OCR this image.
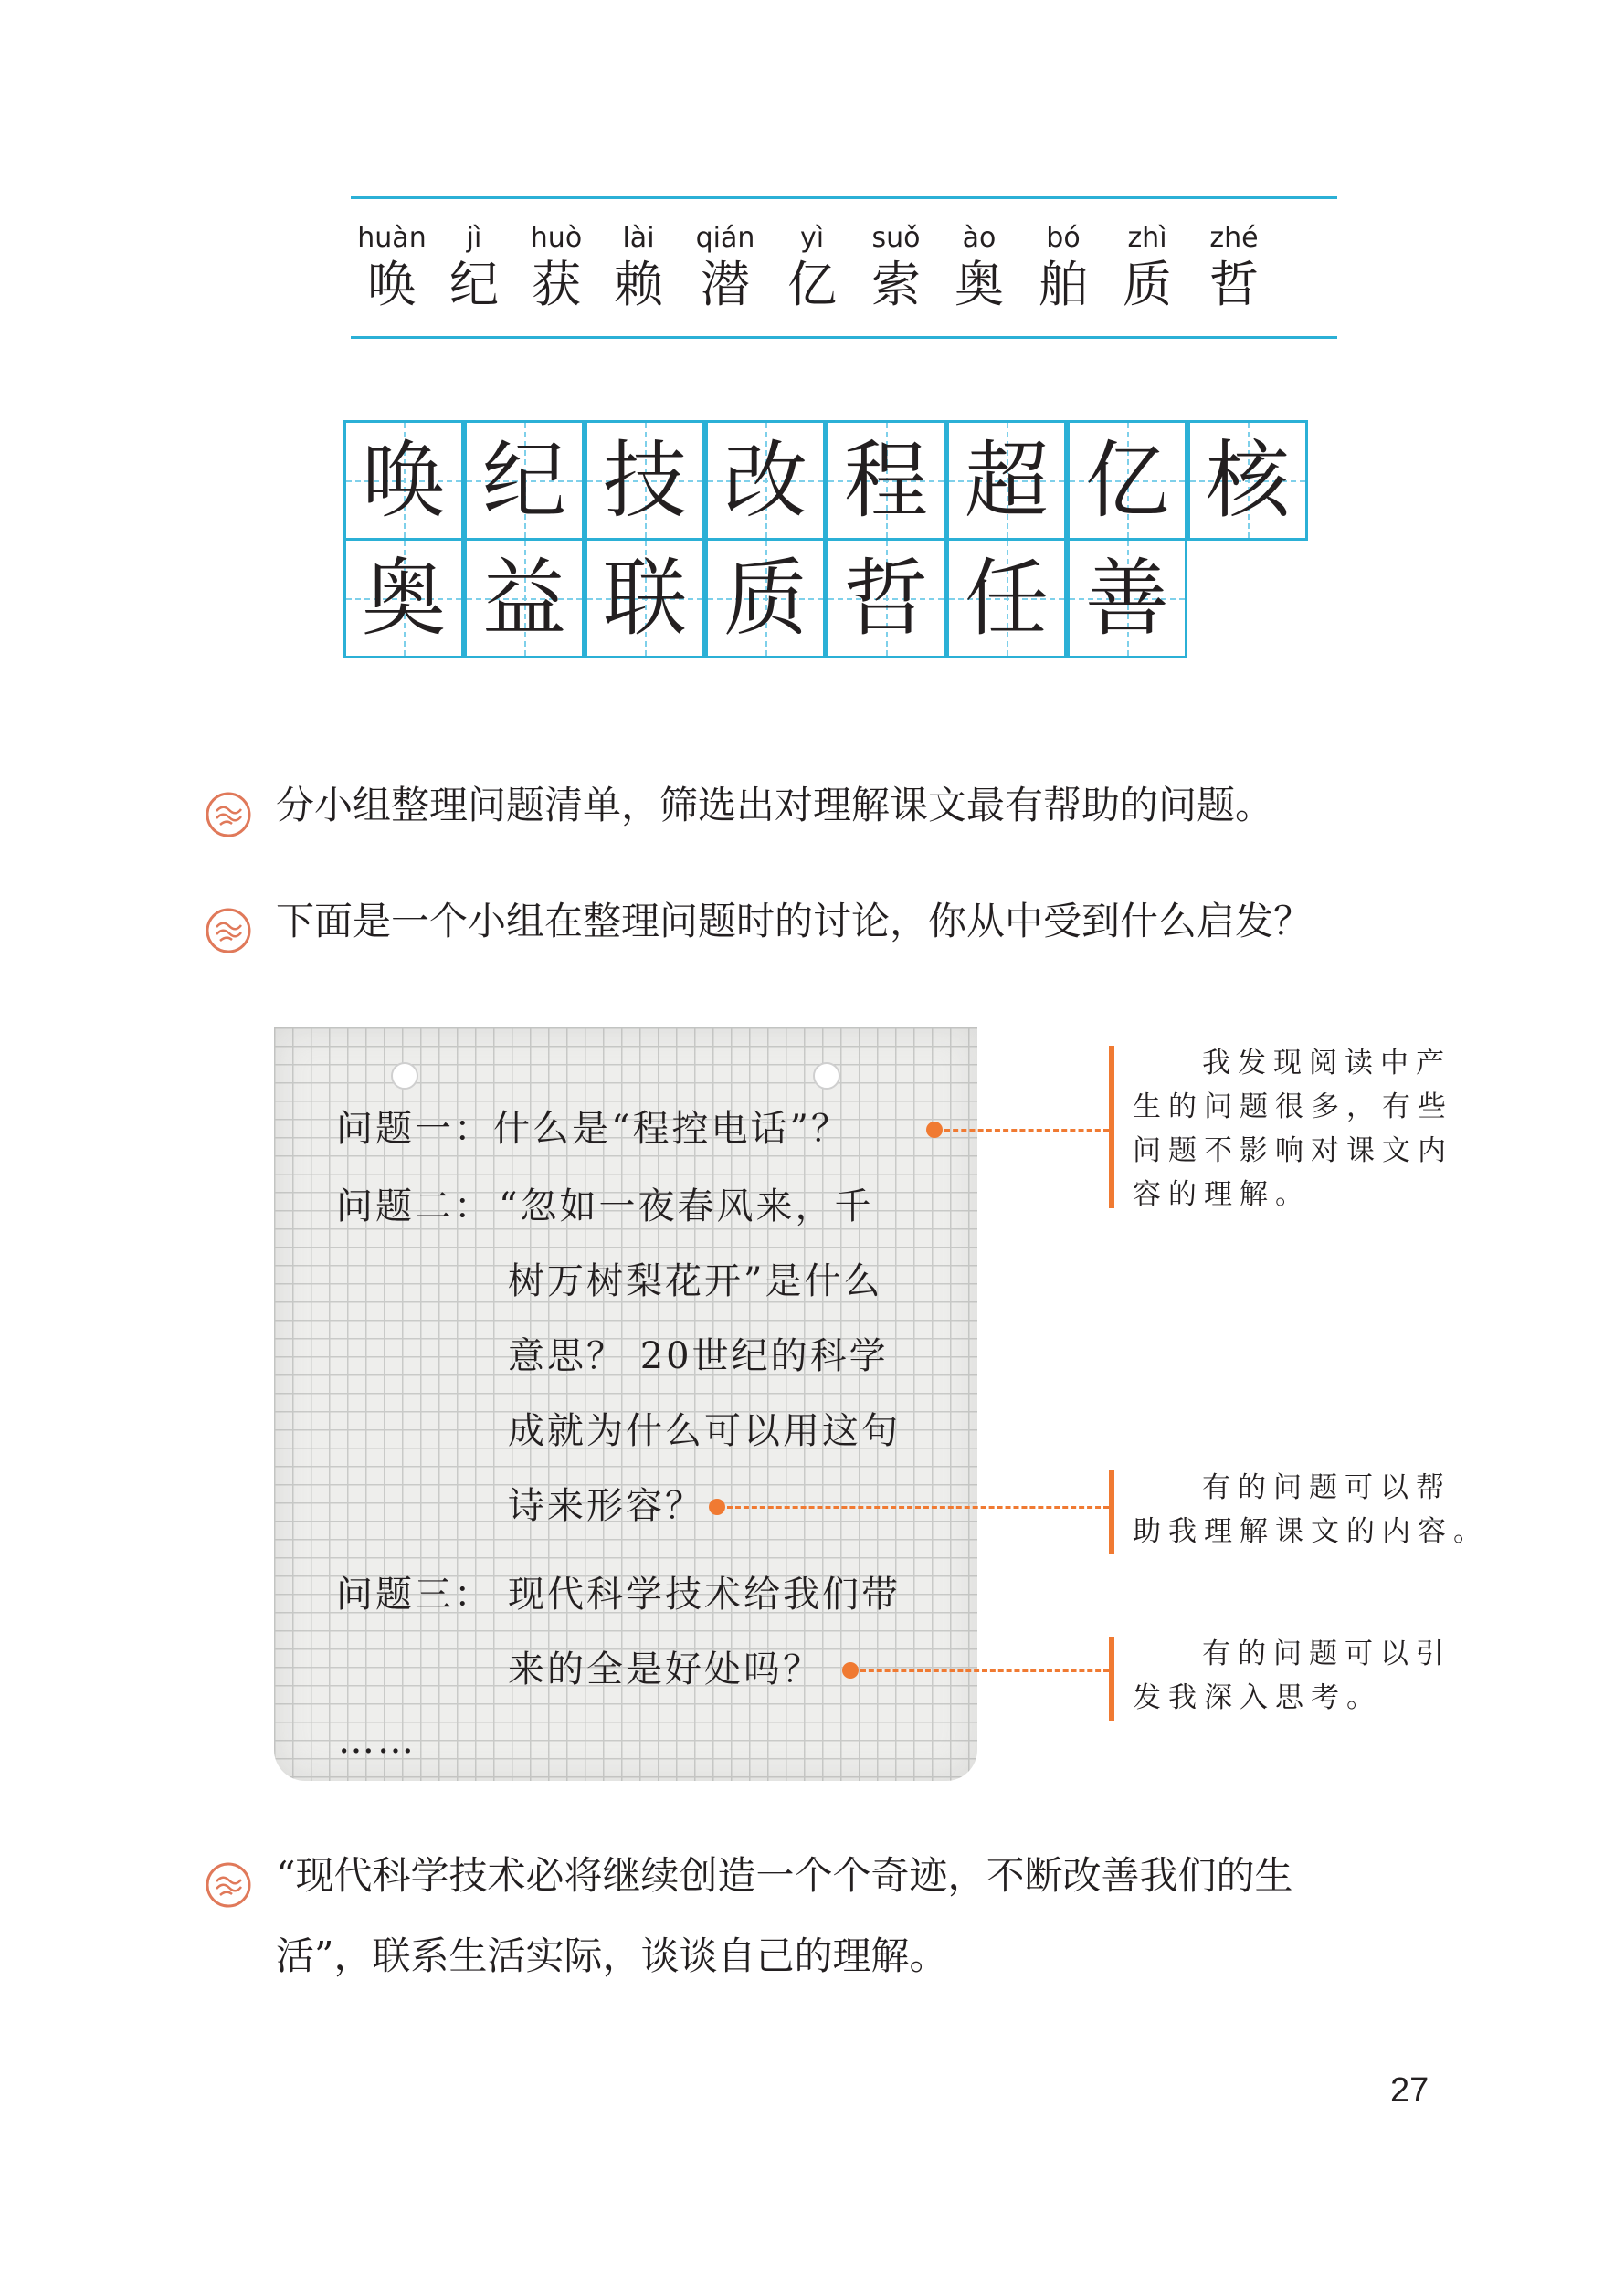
huàn
唤
jì
纪
huò
获
lài
赖
qián
潜
yì
亿
suǒ
索
ào
奥
bó
舶
zhì
质
zhé
哲
唤 纪 技 改 程 超 亿 核
奥 益 联 质 哲 任 善
分小组整理问题清单，筛选出对理解课文最有帮助的问题。
下面是一个小组在整理问题时的讨论，你从中受到什么启发？
问题一：什么是“程控电话”？
问题二： “忽如一夜春风来，千
树万树梨花开”是什么
意思？ 20世纪的科学
成就为什么可以用这句
诗来形容？
问题三： 现代科学技术给我们带
来的全是好处吗？
……
我发现阅读中产
生的问题很多，有些
问题不影响对课文内
容的理解。
有的问题可以帮
助我理解课文的内容。
有的问题可以引
发我深入思考。
“现代科学技术必将继续创造一个个奇迹，不断改善我们的生
活”，联系生活实际，谈谈自己的理解。
27
